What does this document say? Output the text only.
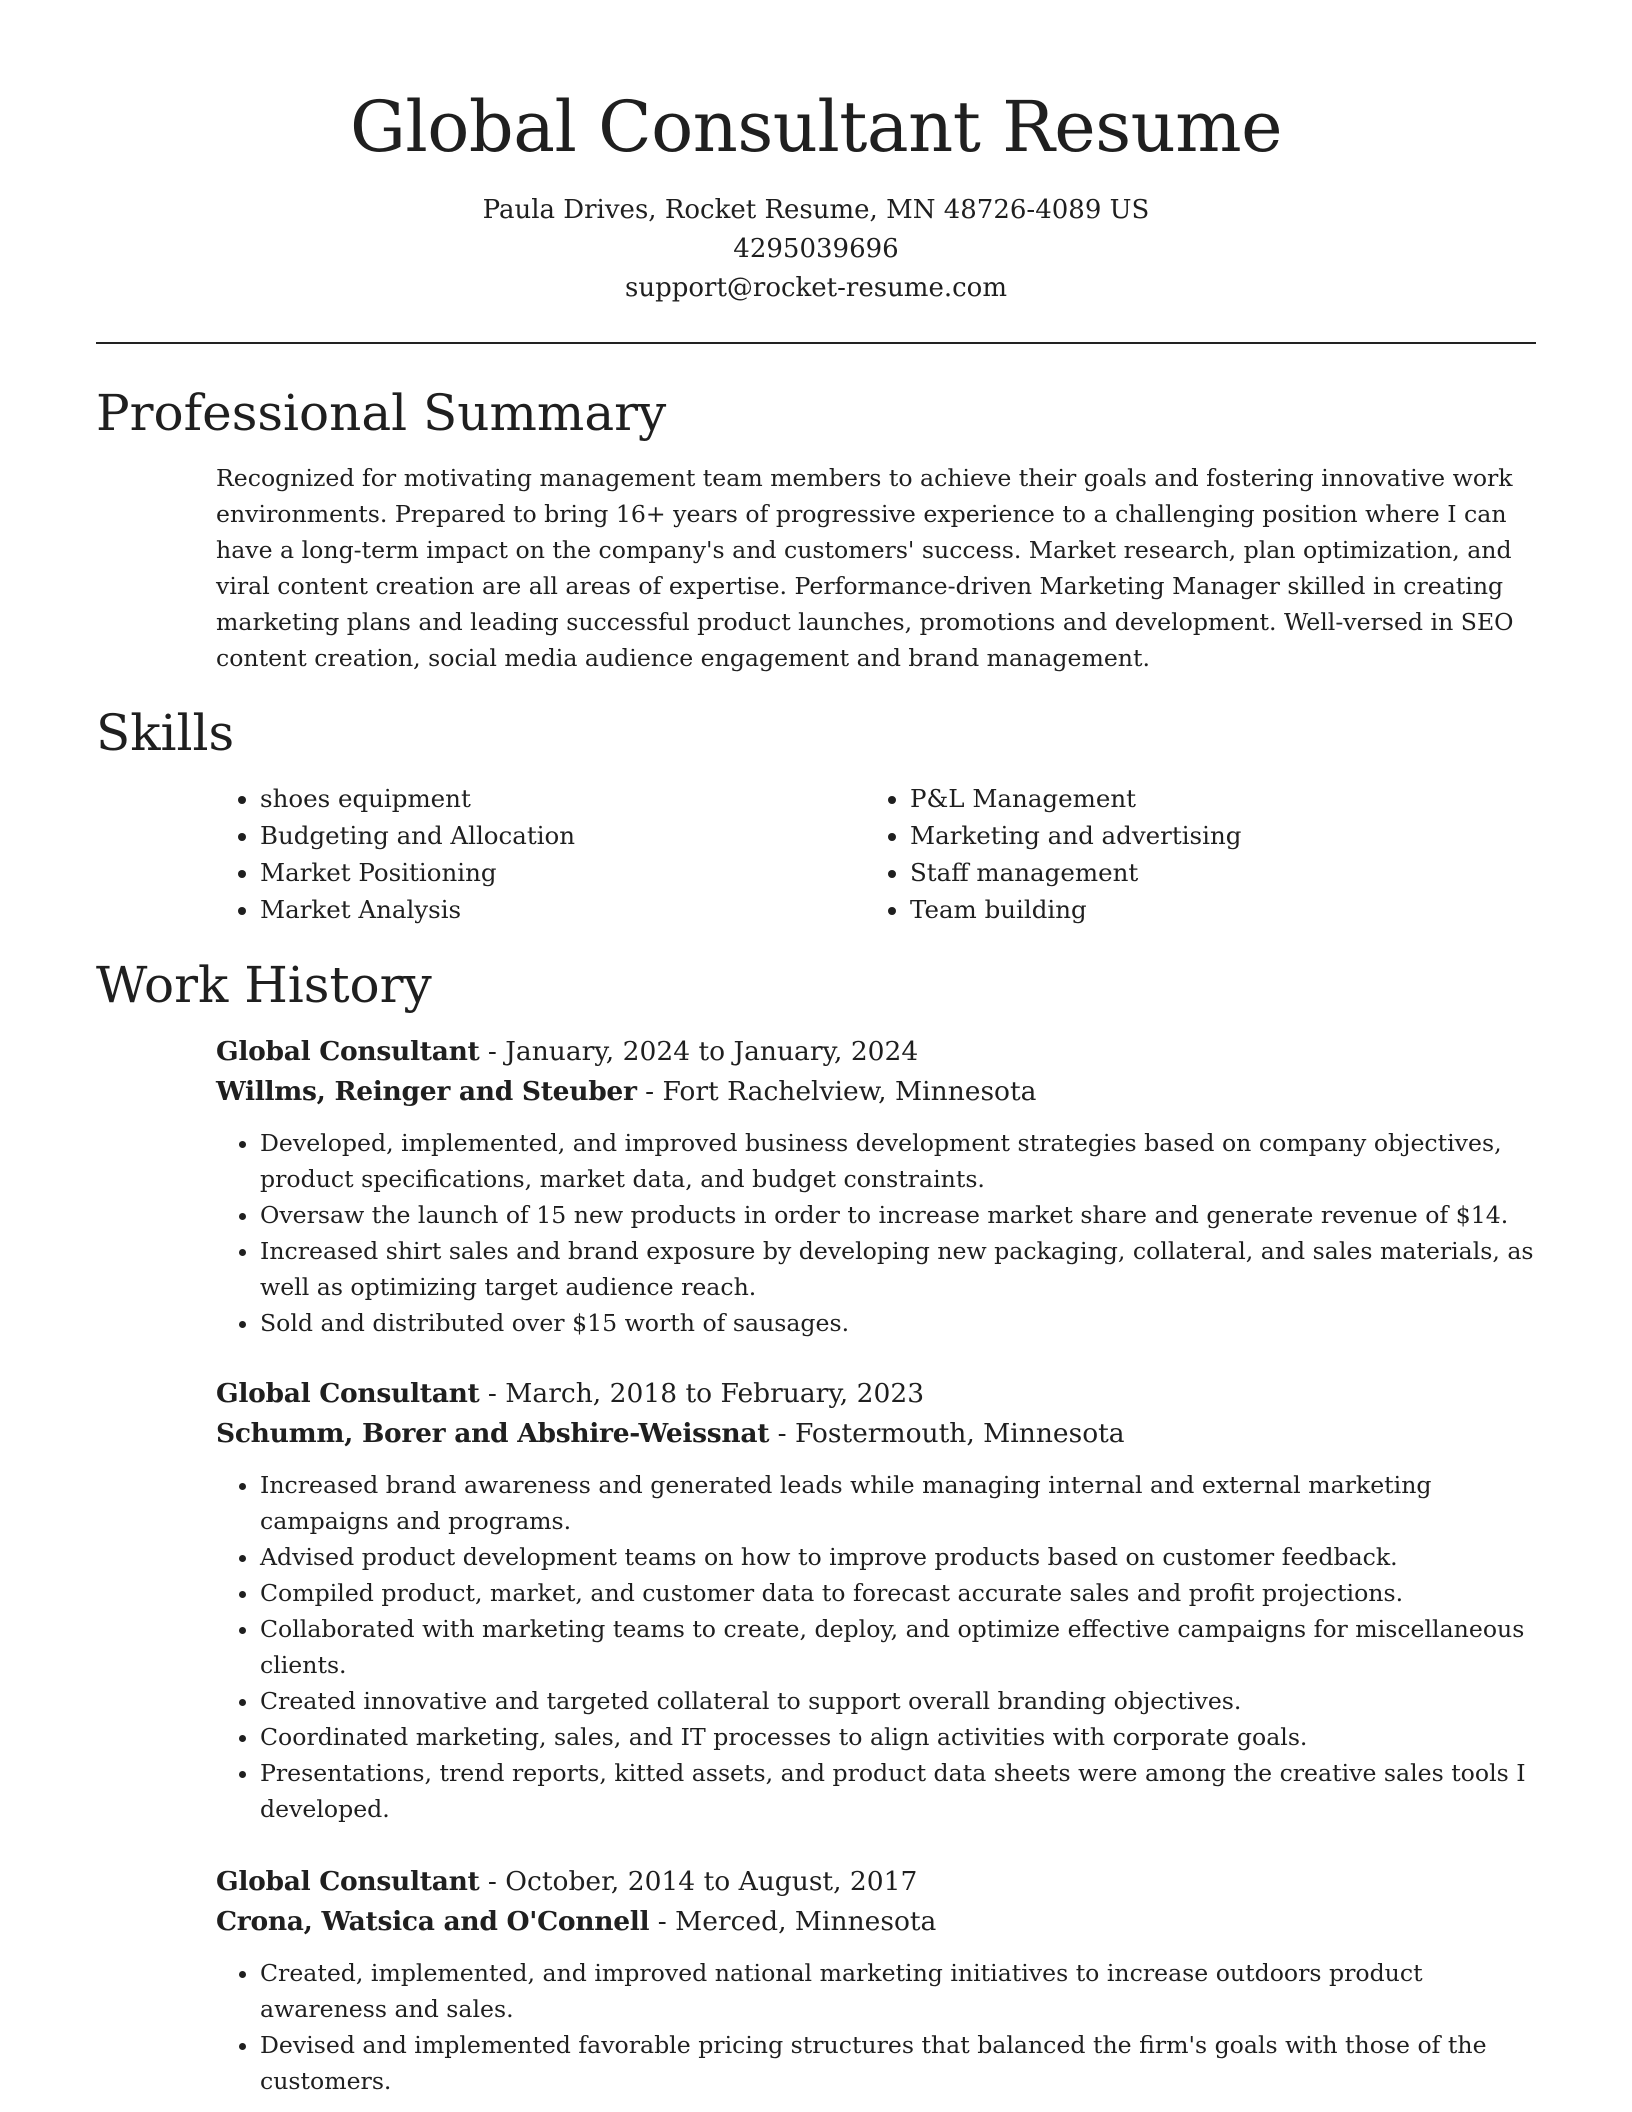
Global Consultant Resume
Paula Drives, Rocket Resume, MN 48726-4089 US
4295039696
support@rocket-resume.com
Professional Summary

Recognized for motivating management team members to achieve their goals and fostering innovative work environments. Prepared to bring 16+ years of progressive experience to a challenging position where I can have a long-term impact on the company's and customers' success. Market research, plan optimization, and viral content creation are all areas of expertise. Performance-driven Marketing Manager skilled in creating marketing plans and leading successful product launches, promotions and development. Well-versed in SEO content creation, social media audience engagement and brand management.

Skills
• shoes equipment
• Budgeting and Allocation
• Market Positioning
• Market Analysis
• P&L Management
• Marketing and advertising
• Staff management
• Team building
Work History
Global Consultant - January, 2024 to January, 2024
Willms, Reinger and Steuber - Fort Rachelview, Minnesota
• Developed, implemented, and improved business development strategies based on company objectives, product specifications, market data, and budget constraints.
• Oversaw the launch of 15 new products in order to increase market share and generate revenue of $14.
• Increased shirt sales and brand exposure by developing new packaging, collateral, and sales materials, as well as optimizing target audience reach.
• Sold and distributed over $15 worth of sausages.
Global Consultant - March, 2018 to February, 2023
Schumm, Borer and Abshire-Weissnat - Fostermouth, Minnesota
• Increased brand awareness and generated leads while managing internal and external marketing campaigns and programs.
• Advised product development teams on how to improve products based on customer feedback.
• Compiled product, market, and customer data to forecast accurate sales and profit projections.
• Collaborated with marketing teams to create, deploy, and optimize effective campaigns for miscellaneous clients.
• Created innovative and targeted collateral to support overall branding objectives.
• Coordinated marketing, sales, and IT processes to align activities with corporate goals.
• Presentations, trend reports, kitted assets, and product data sheets were among the creative sales tools I developed.
Global Consultant - October, 2014 to August, 2017
Crona, Watsica and O'Connell - Merced, Minnesota
• Created, implemented, and improved national marketing initiatives to increase outdoors product awareness and sales.
• Devised and implemented favorable pricing structures that balanced the firm's goals with those of the customers.
